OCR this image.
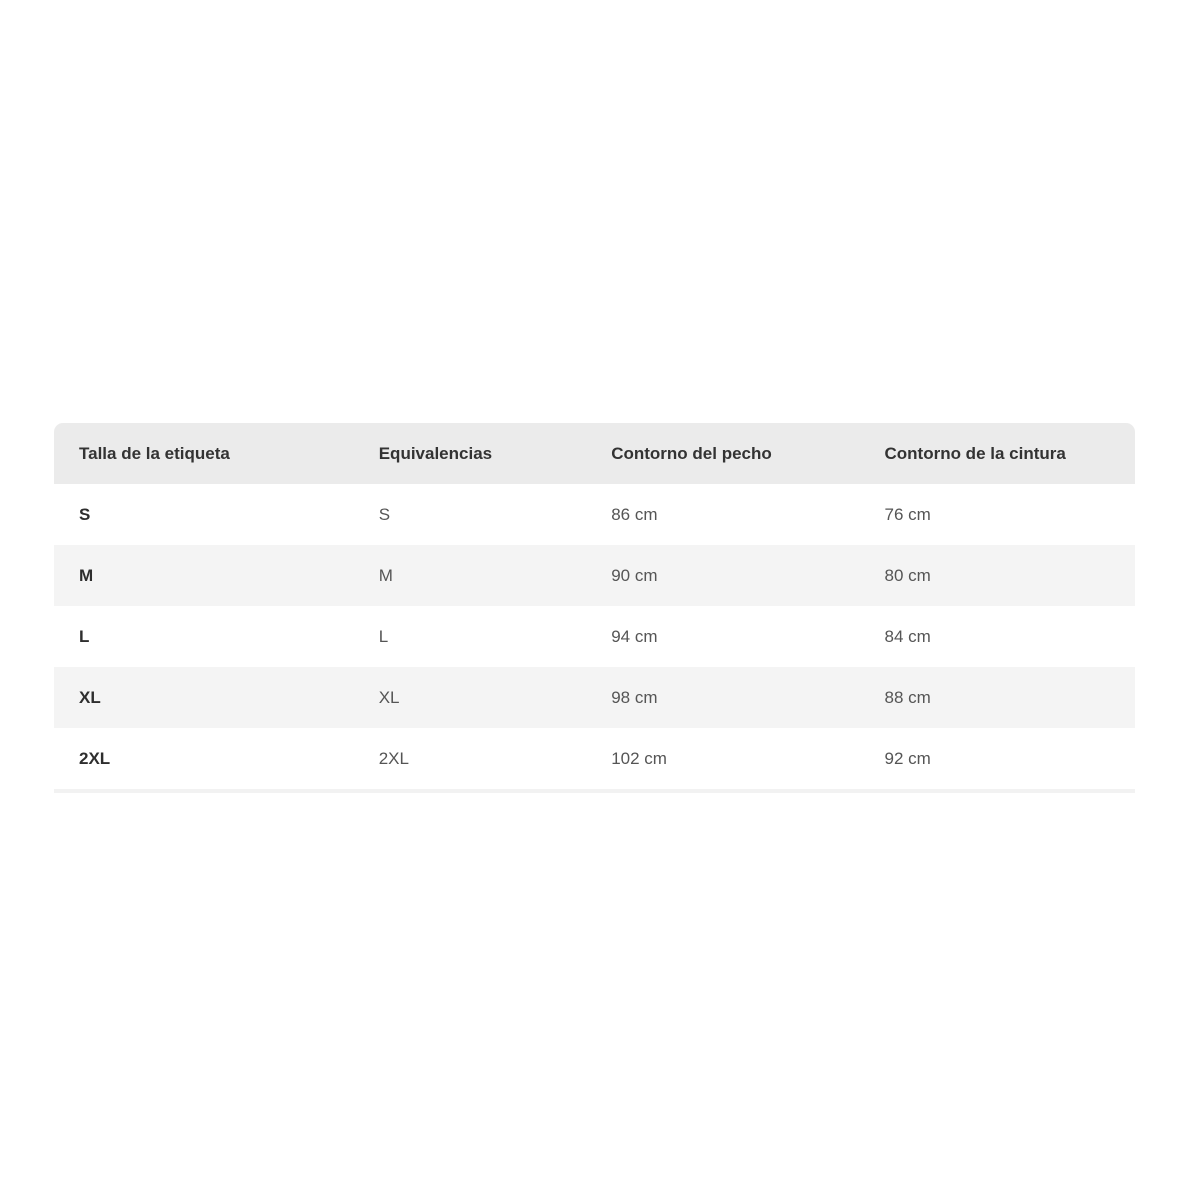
Talla de la etiqueta	Equivalencias	Contorno del pecho	Contorno de la cintura
S	S	86 cm	76 cm
M	M	90 cm	80 cm
L	L	94 cm	84 cm
XL	XL	98 cm	88 cm
2XL	2XL	102 cm	92 cm
